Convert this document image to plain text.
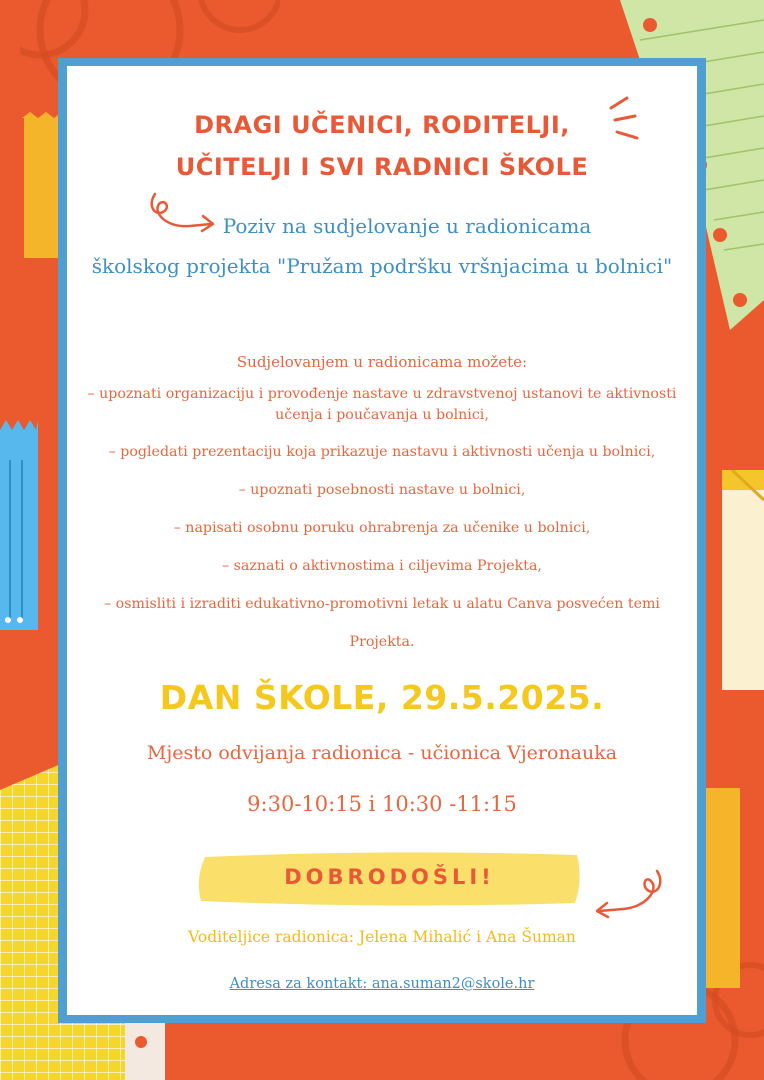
DRAGI UČENICI, RODITELJI,
UČITELJI I SVI RADNICI ŠKOLE
Poziv na sudjelovanje u radionicama
školskog projekta "Pružam podršku vršnjacima u bolnici"

Sudjelovanjem u radionicama možete:

– upoznati organizaciju i provođenje nastave u zdravstvenoj ustanovi te aktivnosti učenja i poučavanja u bolnici,
– pogledati prezentaciju koja prikazuje nastavu i aktivnosti učenja u bolnici,
– upoznati posebnosti nastave u bolnici,
– napisati osobnu poruku ohrabrenja za učenike u bolnici,
– saznati o aktivnostima i ciljevima Projekta,
– osmisliti i izraditi edukativno-promotivni letak u alatu Canva posvećen temi Projekta.

DAN ŠKOLE, 29.5.2025.

Mjesto odvijanja radionica - učionica Vjeronauka

9:30-10:15 i 10:30 -11:15

DOBRODOŠLI!

Voditeljice radionica: Jelena Mihalić i Ana Šuman

Adresa za kontakt: ana.suman2@skole.hr
